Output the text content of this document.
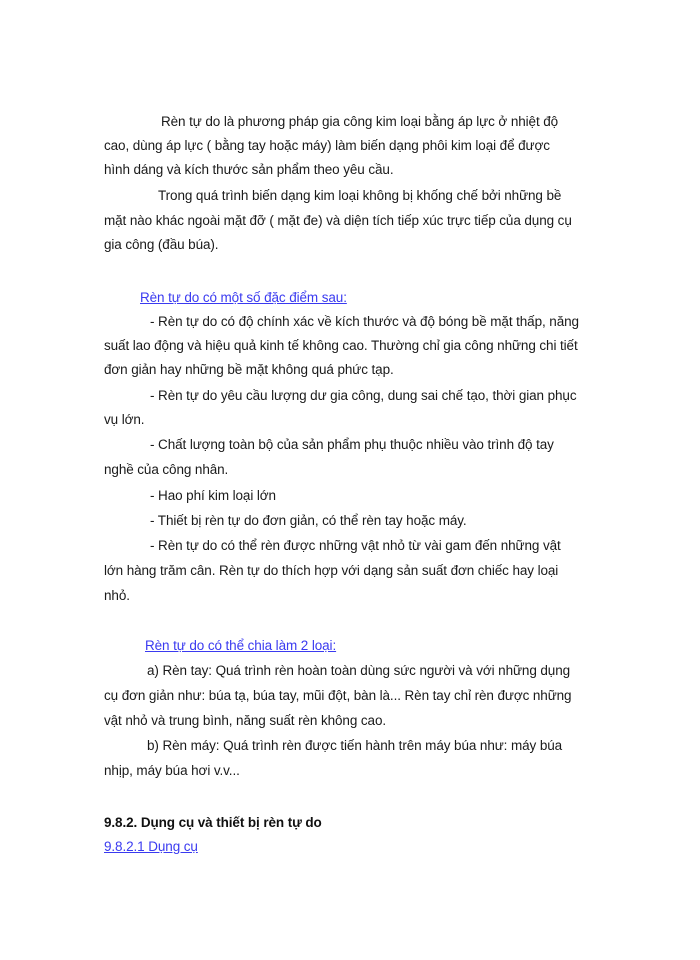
Rèn tự do là phương pháp gia công kim loại bằng áp lực ở nhiệt độ
cao, dùng áp lực ( bằng tay hoặc máy) làm biến dạng phôi kim loại để được
hình dáng và kích thước sản phẩm theo yêu cầu.
Trong quá trình biến dạng kim loại không bị khống chế bởi những bề
mặt nào khác ngoài mặt đỡ ( mặt đe) và diện tích tiếp xúc trực tiếp của dụng cụ
gia công (đầu búa).
Rèn tự do có một số đặc điểm sau:
- Rèn tự do có độ chính xác về kích thước và độ bóng bề mặt thấp, năng
suất lao động và hiệu quả kinh tế không cao. Thường chỉ gia công những chi tiết
đơn giản hay những bề mặt không quá phức tạp.
- Rèn tự do yêu cầu lượng dư gia công, dung sai chế tạo, thời gian phục
vụ lớn.
- Chất lượng toàn bộ của sản phẩm phụ thuộc nhiều vào trình độ tay
nghề của công nhân.
- Hao phí kim loại lớn
- Thiết bị rèn tự do đơn giản, có thể rèn tay hoặc máy.
- Rèn tự do có thể rèn được những vật nhỏ từ vài gam đến những vật
lớn hàng trăm cân. Rèn tự do thích hợp với dạng sản suất đơn chiếc hay loại
nhỏ.
Rèn tự do có thể chia làm 2 loại:
a) Rèn tay: Quá trình rèn hoàn toàn dùng sức người và với những dụng
cụ đơn giản như: búa tạ, búa tay, mũi đột, bàn là... Rèn tay chỉ rèn được những
vật nhỏ và trung bình, năng suất rèn không cao.
b) Rèn máy: Quá trình rèn được tiến hành trên máy búa như: máy búa
nhịp, máy búa hơi v.v...
9.8.2. Dụng cụ và thiết bị rèn tự do
9.8.2.1 Dụng cụ
